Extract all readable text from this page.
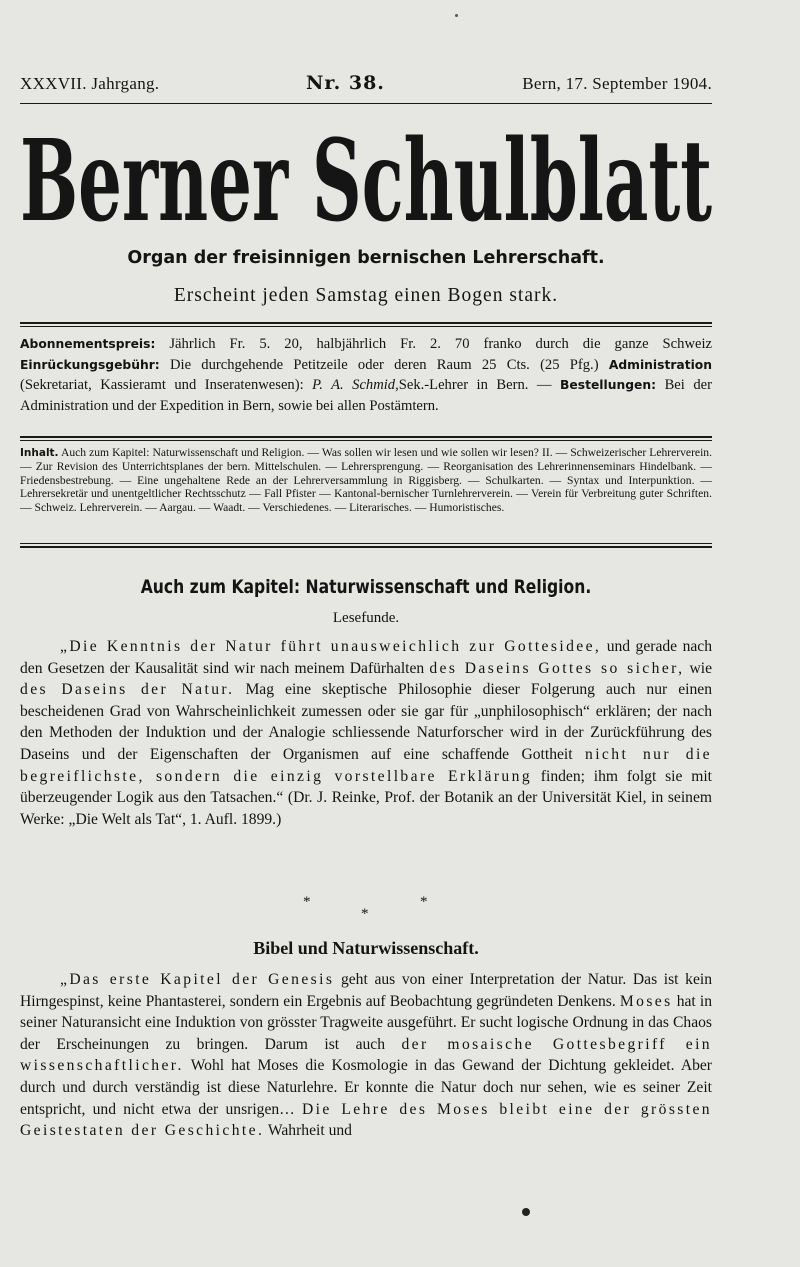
XXXVII. Jahrgang.	Nr. 38.	Bern, 17. September 1904.
Berner Schulblatt
Organ der freisinnigen bernischen Lehrerschaft.
Erscheint jeden Samstag einen Bogen stark.
Abonnementspreis: Jährlich Fr. 5. 20, halbjährlich Fr. 2. 70 franko durch die ganze Schweiz Einrückungsgebühr: Die durchgehende Petitzeile oder deren Raum 25 Cts. (25 Pfg.) Administration (Sekretariat, Kassieramt und Inseratenwesen): P. A. Schmid,Sek.-Lehrer in Bern. — Bestellungen: Bei der Administration und der Expedition in Bern, sowie bei allen Postämtern.
Inhalt. Auch zum Kapitel: Naturwissenschaft und Religion. — Was sollen wir lesen und wie sollen wir lesen? II. — Schweizerischer Lehrerverein. — Zur Revision des Unterrichtsplanes der bern. Mittelschulen. — Lehrersprengung. — Reorganisation des Lehrerinnenseminars Hindelbank. — Friedensbestrebung. — Eine ungehaltene Rede an der Lehrerversammlung in Riggisberg. — Schulkarten. — Syntax und Interpunktion. — Lehrersekretär und unentgeltlicher Rechtsschutz — Fall Pfister — Kantonal-bernischer Turnlehrerverein. — Verein für Verbreitung guter Schriften. — Schweiz. Lehrerverein. — Aargau. — Waadt. — Verschiedenes. — Literarisches. — Humoristisches.
Auch zum Kapitel: Naturwissenschaft und Religion.
Lesefunde.
„Die Kenntnis der Natur führt unausweichlich zur Gottesidee, und gerade nach den Gesetzen der Kausalität sind wir nach meinem Dafürhalten des Daseins Gottes so sicher, wie des Daseins der Natur. Mag eine skeptische Philosophie dieser Folgerung auch nur einen bescheidenen Grad von Wahrscheinlichkeit zumessen oder sie gar für „unphilosophisch“ erklären; der nach den Methoden der Induktion und der Analogie schliessende Naturforscher wird in der Zurückführung des Daseins und der Eigenschaften der Organismen auf eine schaffende Gottheit nicht nur die begreiflichste, sondern die einzig vorstellbare Erklärung finden; ihm folgt sie mit überzeugender Logik aus den Tatsachen.“ (Dr. J. Reinke, Prof. der Botanik an der Universität Kiel, in seinem Werke: „Die Welt als Tat“, 1. Aufl. 1899.)
*	*
*
Bibel und Naturwissenschaft.
„Das erste Kapitel der Genesis geht aus von einer Interpretation der Natur. Das ist kein Hirngespinst, keine Phantasterei, sondern ein Ergebnis auf Beobachtung gegründeten Denkens. Moses hat in seiner Naturansicht eine Induktion von grösster Tragweite ausgeführt. Er sucht logische Ordnung in das Chaos der Erscheinungen zu bringen. Darum ist auch der mosaische Gottesbegriff ein wissenschaftlicher. Wohl hat Moses die Kosmologie in das Gewand der Dichtung gekleidet. Aber durch und durch verständig ist diese Naturlehre. Er konnte die Natur doch nur sehen, wie es seiner Zeit entspricht, und nicht etwa der unsrigen… Die Lehre des Moses bleibt eine der grössten Geistestaten der Geschichte. Wahrheit und
